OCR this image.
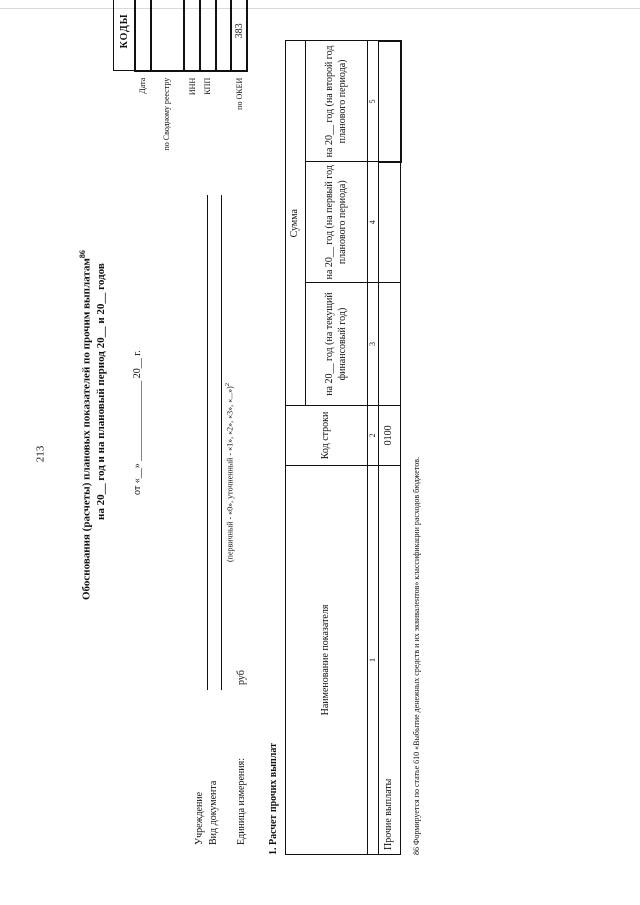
213	Обоснования (расчеты) плановых показателей по прочим выплатам$^{86}$
на 20__ год и на плановый период 20__ и 20__ годов	от «__» ________________ 20__ г.
Учреждение Вид документа
(первичный - «0», уточненный - «1», «2», «3», «...»)$^2$
Единица измерения:
руб
	КОДЫ
Дата	
по Сводному реестру	
ИНН	
КПП	

по ОКЕИ	383
1. Расчет прочих выплат
Наименование показателя	Код строки	Сумма		
		на 20__ год (на текущий финансовый год)	на 20__ год (на первый год планового периода)	на 20__ год (на второй год планового периода)
1	2	3	4	5
Прочие выплаты	0100			
86 Формируется по статье 610 «Выбытие денежных средств и их эквивалентов» классификации расходов бюджетов.
